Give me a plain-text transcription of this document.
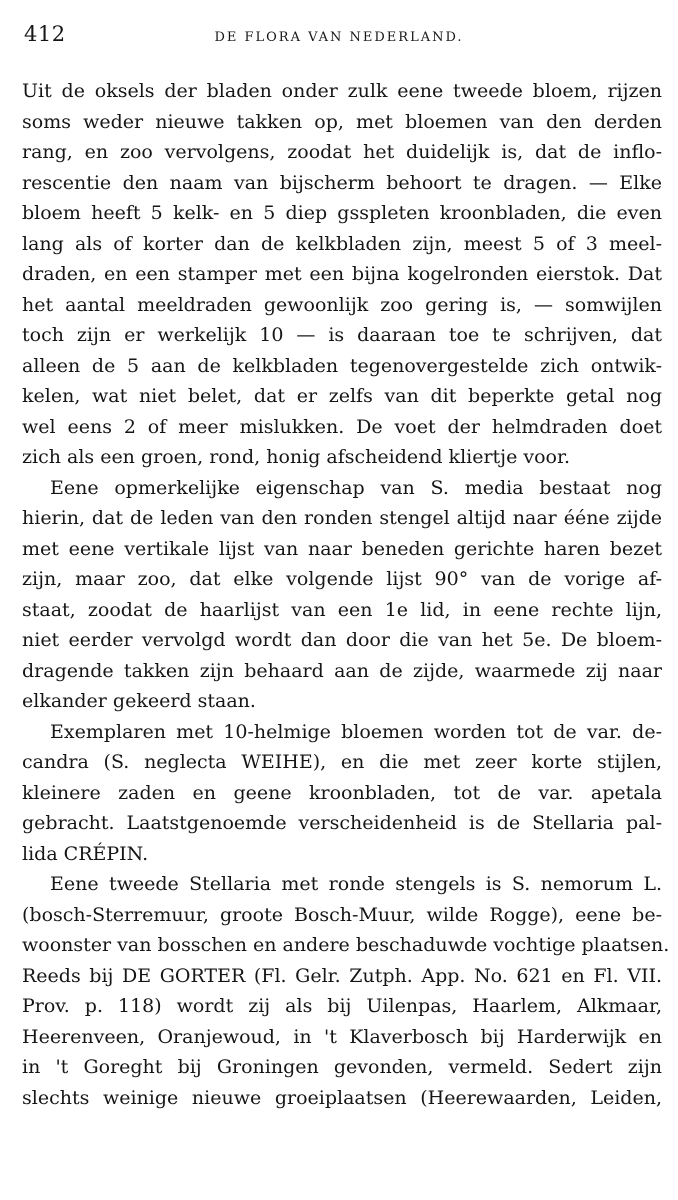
412	DE FLORA VAN NEDERLAND.

Uit de oksels der bladen onder zulk eene tweede bloem, rijzen
soms weder nieuwe takken op, met bloemen van den derden
rang, en zoo vervolgens, zoodat het duidelijk is, dat de inflo-
rescentie den naam van bijscherm behoort te dragen. — Elke
bloem heeft 5 kelk- en 5 diep gsspleten kroonbladen, die even
lang als of korter dan de kelkbladen zijn, meest 5 of 3 meel-
draden, en een stamper met een bijna kogelronden eierstok. Dat
het aantal meeldraden gewoonlijk zoo gering is, — somwijlen
toch zijn er werkelijk 10 — is daaraan toe te schrijven, dat
alleen de 5 aan de kelkbladen tegenovergestelde zich ontwik-
kelen, wat niet belet, dat er zelfs van dit beperkte getal nog
wel eens 2 of meer mislukken. De voet der helmdraden doet
zich als een groen, rond, honig afscheidend kliertje voor.

Eene opmerkelijke eigenschap van S. media bestaat nog
hierin, dat de leden van den ronden stengel altijd naar ééne zijde
met eene vertikale lijst van naar beneden gerichte haren bezet
zijn, maar zoo, dat elke volgende lijst 90° van de vorige af-
staat, zoodat de haarlijst van een 1e lid, in eene rechte lijn,
niet eerder vervolgd wordt dan door die van het 5e. De bloem-
dragende takken zijn behaard aan de zijde, waarmede zij naar
elkander gekeerd staan.

Exemplaren met 10-helmige bloemen worden tot de var. de-
candra (S. neglecta WEIHE), en die met zeer korte stijlen,
kleinere zaden en geene kroonbladen, tot de var. apetala
gebracht. Laatstgenoemde verscheidenheid is de Stellaria pal-
lida CRÉPIN.

Eene tweede Stellaria met ronde stengels is S. nemorum L.
(bosch-Sterremuur, groote Bosch-Muur, wilde Rogge), eene be-
woonster van bosschen en andere beschaduwde vochtige plaatsen.
Reeds bij DE GORTER (Fl. Gelr. Zutph. App. No. 621 en Fl. VII.
Prov. p. 118) wordt zij als bij Uilenpas, Haarlem, Alkmaar,
Heerenveen, Oranjewoud, in 't Klaverbosch bij Harderwijk en
in 't Goreght bij Groningen gevonden, vermeld. Sedert zijn
slechts weinige nieuwe groeiplaatsen (Heerewaarden, Leiden,
